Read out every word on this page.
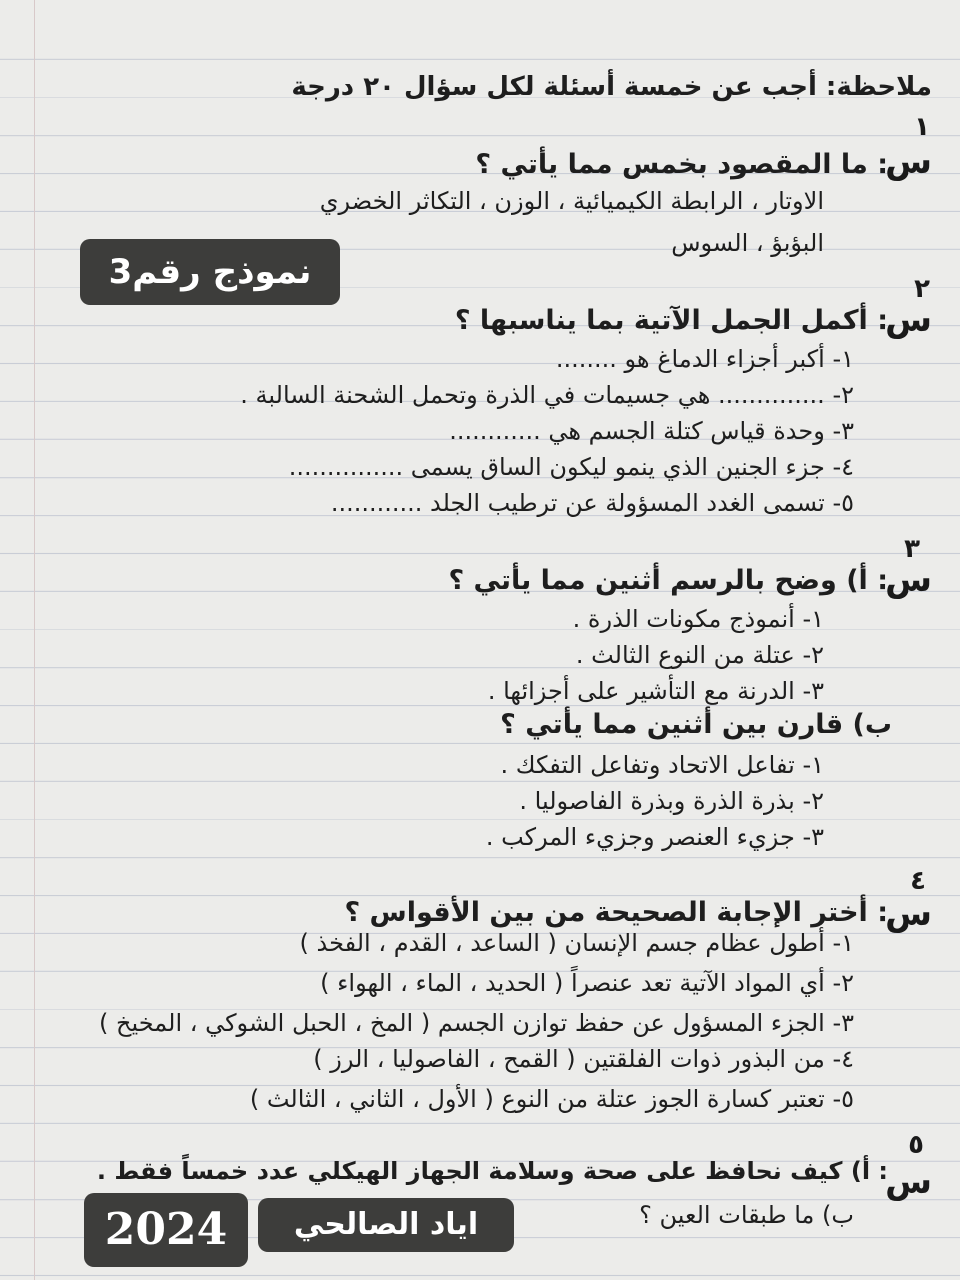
ملاحظة: أجب عن خمسة أسئلة لكل سؤال ٢٠ درجة
١
س
: ما المقصود بخمس مما يأتي ؟
الاوتار ، الرابطة الكيميائية ، الوزن ، التكاثر الخضري
البؤبؤ ، السوس
نموذج رقم3	٢
س
: أكمل الجمل الآتية بما يناسبها ؟
١- أكبر أجزاء الدماغ هو ........
٢- .............. هي جسيمات في الذرة وتحمل الشحنة السالبة .
٣- وحدة قياس كتلة الجسم هي ............
٤- جزء الجنين الذي ينمو ليكون الساق يسمى ...............
٥- تسمى الغدد المسؤولة عن ترطيب الجلد ............
٣
س
: أ) وضح بالرسم أثنين مما يأتي ؟
١- أنموذج مكونات الذرة .
٢- عتلة من النوع الثالث .
٣- الدرنة مع التأشير على أجزائها .
ب) قارن بين أثنين مما يأتي ؟
١- تفاعل الاتحاد وتفاعل التفكك .
٢- بذرة الذرة وبذرة الفاصوليا .
٣- جزيء العنصر وجزيء المركب .
٤
س
: أختر الإجابة الصحيحة من بين الأقواس ؟
١- أطول عظام جسم الإنسان ( الساعد ، القدم ، الفخذ )
٢- أي المواد الآتية تعد عنصراً ( الحديد ، الماء ، الهواء )
٣- الجزء المسؤول عن حفظ توازن الجسم ( المخ ، الحبل الشوكي ، المخيخ )
٤- من البذور ذوات الفلقتين ( القمح ، الفاصوليا ، الرز )
٥- تعتبر كسارة الجوز عتلة من النوع ( الأول ، الثاني ، الثالث )
٥
س
: أ) كيف نحافظ على صحة وسلامة الجهاز الهيكلي عدد خمساً فقط .
ب) ما طبقات العين ؟
اياد الصالحي
2024
